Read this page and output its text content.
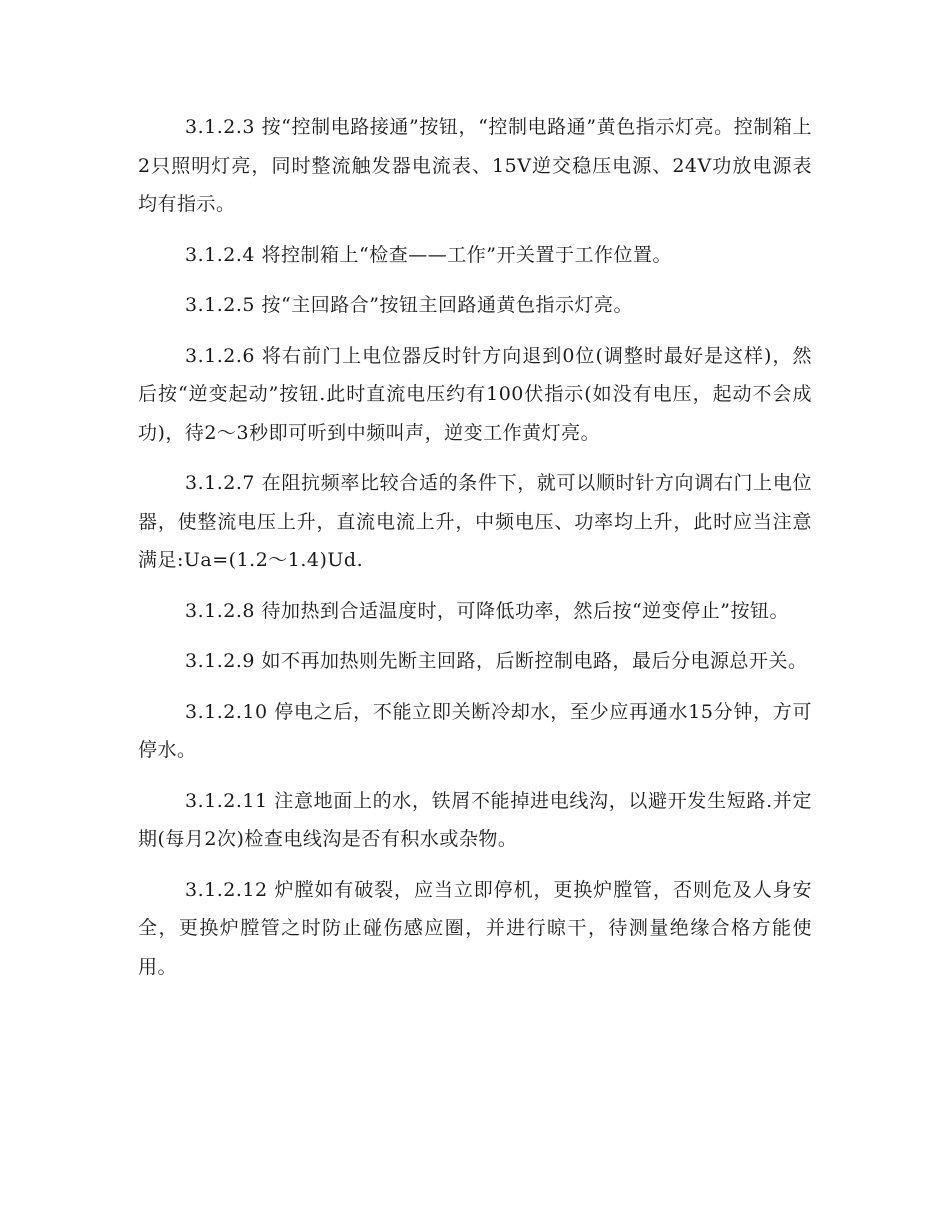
3.1.2.3 按“控制电路接通”按钮，“控制电路通”黄色指示灯亮。控制箱上2只照明灯亮，同时整流触发器电流表、15V逆交稳压电源、24V功放电源表均有指示。

3.1.2.4 将控制箱上“检查——工作”开关置于工作位置。

3.1.2.5 按“主回路合”按钮主回路通黄色指示灯亮。

3.1.2.6 将右前门上电位器反时针方向退到0位(调整时最好是这样)，然后按“逆变起动”按钮.此时直流电压约有100伏指示(如没有电压，起动不会成功)，待2～3秒即可听到中频叫声，逆变工作黄灯亮。

3.1.2.7 在阻抗频率比较合适的条件下，就可以顺时针方向调右门上电位器，使整流电压上升，直流电流上升，中频电压、功率均上升，此时应当注意满足:Ua=(1.2～1.4)Ud.

3.1.2.8 待加热到合适温度时，可降低功率，然后按“逆变停止”按钮。

3.1.2.9 如不再加热则先断主回路，后断控制电路，最后分电源总开关。

3.1.2.10 停电之后，不能立即关断冷却水，至少应再通水15分钟，方可停水。

3.1.2.11 注意地面上的水，铁屑不能掉进电线沟，以避开发生短路.并定期(每月2次)检查电线沟是否有积水或杂物。

3.1.2.12 炉膛如有破裂，应当立即停机，更换炉膛管，否则危及人身安全，更换炉膛管之时防止碰伤感应圈，并进行晾干，待测量绝缘合格方能使用。
